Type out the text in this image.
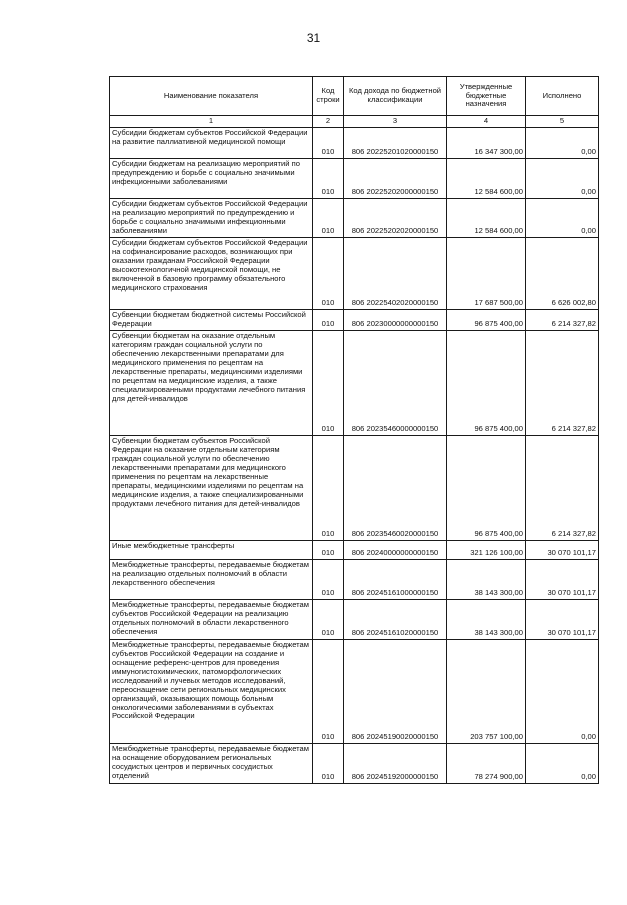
31
Наименование показателя	Код строки	Код дохода по бюджетной классификации	Утвержденные бюджетные назначения	Исполнено
1	2	3	4	5
Субсидии бюджетам субъектов Российской Федерации на развитие паллиативной медицинской помощи	010	806 20225201020000150	16 347 300,00	0,00
Субсидии бюджетам на реализацию мероприятий по предупреждению и борьбе с социально значимыми инфекционными заболеваниями	010	806 20225202000000150	12 584 600,00	0,00
Субсидии бюджетам субъектов Российской Федерации на реализацию мероприятий по предупреждению и борьбе с социально значимыми инфекционными заболеваниями	010	806 20225202020000150	12 584 600,00	0,00
Субсидии бюджетам субъектов Российской Федерации на софинансирование расходов, возникающих при оказании гражданам Российской Федерации высокотехнологичной медицинской помощи, не включенной в базовую программу обязательного медицинского страхования	010	806 20225402020000150	17 687 500,00	6 626 002,80
Субвенции бюджетам бюджетной системы Российской Федерации	010	806 20230000000000150	96 875 400,00	6 214 327,82
Субвенции бюджетам на оказание отдельным категориям граждан социальной услуги по обеспечению лекарственными препаратами для медицинского применения по рецептам на лекарственные препараты, медицинскими изделиями по рецептам на медицинские изделия, а также специализированными продуктами лечебного питания для детей-инвалидов	010	806 20235460000000150	96 875 400,00	6 214 327,82
Субвенции бюджетам субъектов Российской Федерации на оказание отдельным категориям граждан социальной услуги по обеспечению лекарственными препаратами для медицинского применения по рецептам на лекарственные препараты, медицинскими изделиями по рецептам на медицинские изделия, а также специализированными продуктами лечебного питания для детей-инвалидов	010	806 20235460020000150	96 875 400,00	6 214 327,82
Иные межбюджетные трансферты	010	806 20240000000000150	321 126 100,00	30 070 101,17
Межбюджетные трансферты, передаваемые бюджетам на реализацию отдельных полномочий в области лекарственного обеспечения	010	806 20245161000000150	38 143 300,00	30 070 101,17
Межбюджетные трансферты, передаваемые бюджетам субъектов Российской Федерации на реализацию отдельных полномочий в области лекарственного обеспечения	010	806 20245161020000150	38 143 300,00	30 070 101,17
Межбюджетные трансферты, передаваемые бюджетам субъектов Российской Федерации на создание и оснащение референс-центров для проведения иммуногистохимических, патоморфологических исследований и лучевых методов исследований, переоснащение сети региональных медицинских организаций, оказывающих помощь больным онкологическими заболеваниями в субъектах Российской Федерации	010	806 20245190020000150	203 757 100,00	0,00
Межбюджетные трансферты, передаваемые бюджетам на оснащение оборудованием региональных сосудистых центров и первичных сосудистых отделений	010	806 20245192000000150	78 274 900,00	0,00
